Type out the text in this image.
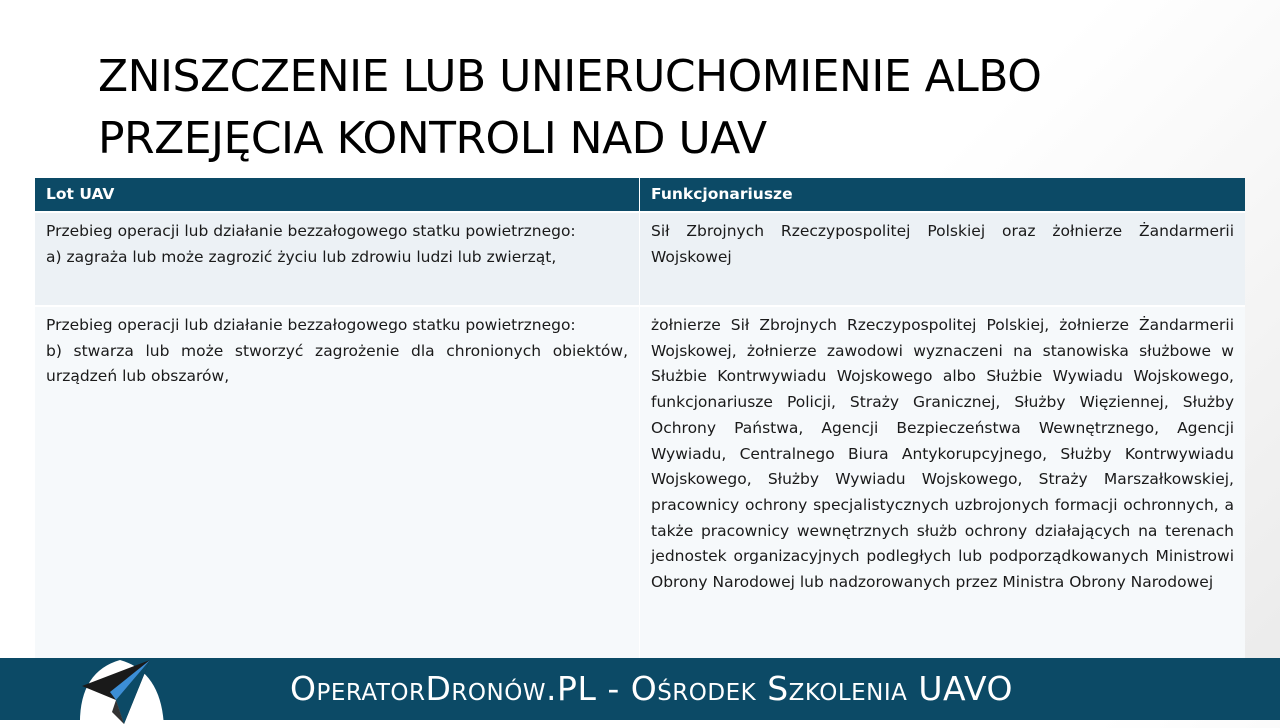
ZNISZCZENIE LUB UNIERUCHOMIENIE ALBO
PRZEJĘCIA KONTROLI NAD UAV
Lot UAV	Funkcjonariusze

Przebieg operacji lub działanie bezzałogowego statku powietrznego:
a) zagraża lub może zagrozić życiu lub zdrowiu ludzi lub zwierząt,	Sił Zbrojnych Rzeczypospolitej Polskiej oraz żołnierze Żandarmerii Wojskowej

Przebieg operacji lub działanie bezzałogowego statku powietrznego:
b) stwarza lub może stworzyć zagrożenie dla chronionych obiektów, urządzeń lub obszarów,	żołnierze Sił Zbrojnych Rzeczypospolitej Polskiej, żołnierze Żandarmerii Wojskowej, żołnierze zawodowi wyznaczeni na stanowiska służbowe w Służbie Kontrwywiadu Wojskowego albo Służbie Wywiadu Wojskowego, funkcjonariusze Policji, Straży Granicznej, Służby Więziennej, Służby Ochrony Państwa, Agencji Bezpieczeństwa Wewnętrznego, Agencji Wywiadu, Centralnego Biura Antykorupcyjnego, Służby Kontrwywiadu Wojskowego, Służby Wywiadu Wojskowego, Straży Marszałkowskiej, pracownicy ochrony specjalistycznych uzbrojonych formacji ochronnych, a także pracownicy wewnętrznych służb ochrony działających na terenach jednostek organizacyjnych podległych lub podporządkowanych Ministrowi Obrony Narodowej lub nadzorowanych przez Ministra Obrony Narodowej

OperatorDronów.PL - Ośrodek Szkolenia UAVO
